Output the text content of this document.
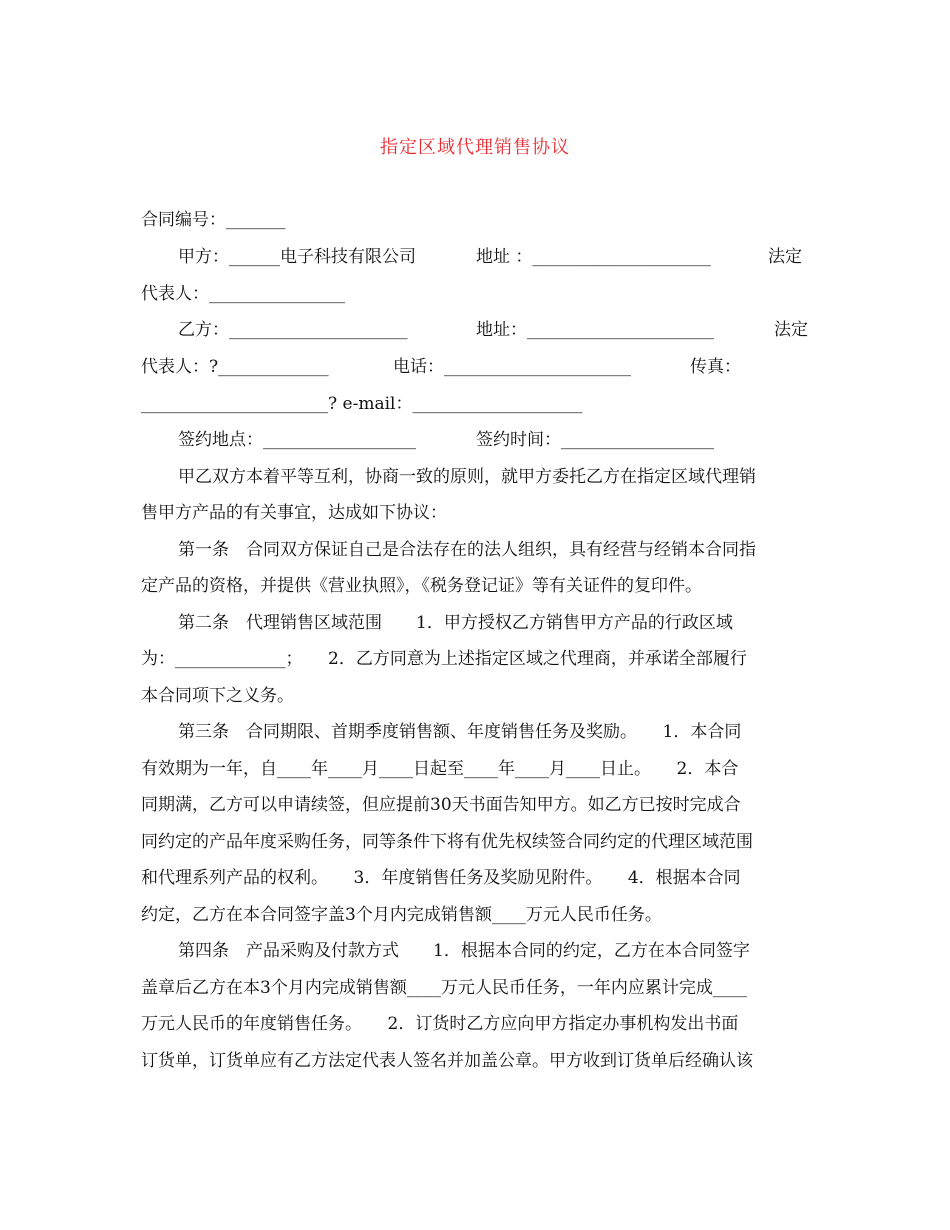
指定区域代理销售协议
合同编号：_______
甲方：______电子科技有限公司	地址 ：_____________________	法定
代表人：________________
乙方：_____________________	地址：______________________	法定
代表人：?_____________	电话：______________________	传真：
______________________? e-mail：____________________
签约地点：__________________	签约时间：__________________
甲乙双方本着平等互利，协商一致的原则，就甲方委托乙方在指定区域代理销
售甲方产品的有关事宜，达成如下协议：
第一条　合同双方保证自己是合法存在的法人组织，具有经营与经销本合同指
定产品的资格，并提供《营业执照》，《税务登记证》等有关证件的复印件。
第二条　代理销售区域范围　　1．甲方授权乙方销售甲方产品的行政区域
为：_____________；　　2．乙方同意为上述指定区域之代理商，并承诺全部履行
本合同项下之义务。
第三条　合同期限、首期季度销售额、年度销售任务及奖励。　　1．本合同
有效期为一年，自____年____月____日起至____年____月____日止。　　2．本合
同期满，乙方可以申请续签，但应提前30天书面告知甲方。如乙方已按时完成合
同约定的产品年度采购任务，同等条件下将有优先权续签合同约定的代理区域范围
和代理系列产品的权利。　　3．年度销售任务及奖励见附件。　　4．根据本合同
约定，乙方在本合同签字盖3个月内完成销售额____万元人民币任务。
第四条　产品采购及付款方式　　1．根据本合同的约定，乙方在本合同签字
盖章后乙方在本3个月内完成销售额____万元人民币任务，一年内应累计完成____
万元人民币的年度销售任务。　　2．订货时乙方应向甲方指定办事机构发出书面
订货单，订货单应有乙方法定代表人签名并加盖公章。甲方收到订货单后经确认该
